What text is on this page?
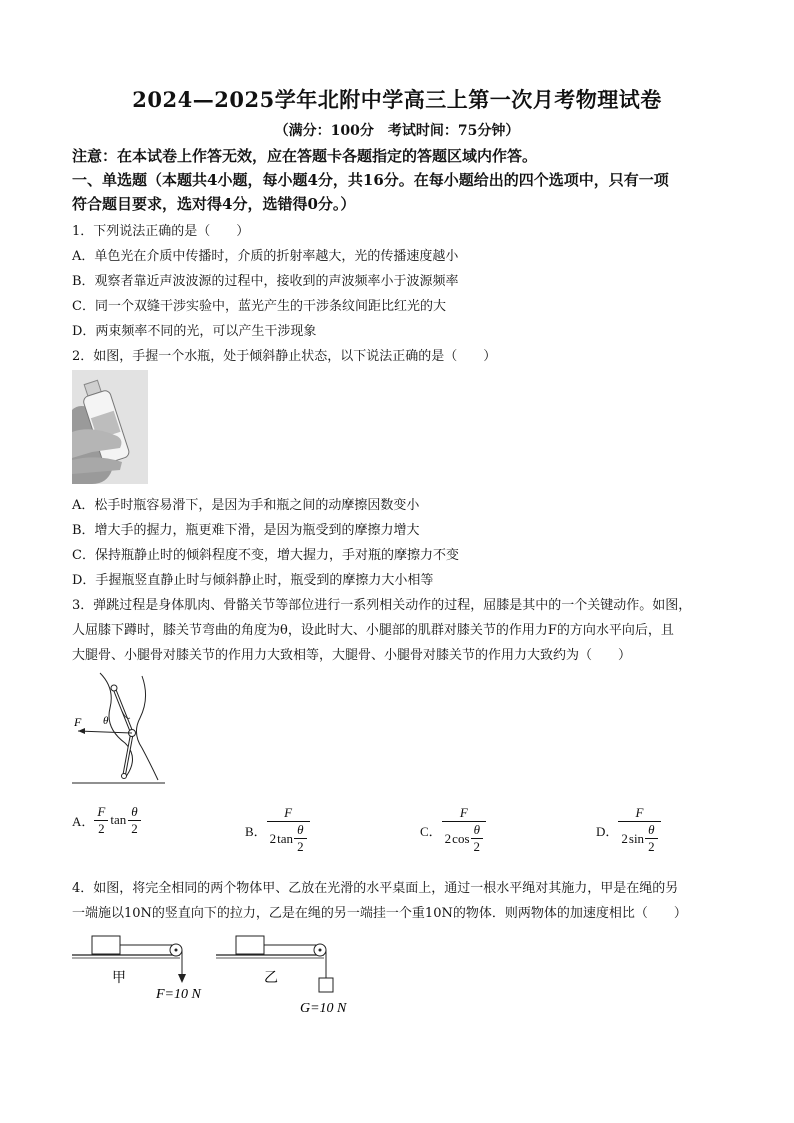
2024—2025学年北附中学高三上第一次月考物理试卷
（满分：100分　考试时间：75分钟）
注意：在本试卷上作答无效，应在答题卡各题指定的答题区域内作答。
一、单选题（本题共4小题，每小题4分，共16分。在每小题给出的四个选项中，只有一项
符合题目要求，选对得4分，选错得0分。）
1．下列说法正确的是（　　）
A．单色光在介质中传播时，介质的折射率越大，光的传播速度越小
B．观察者靠近声波波源的过程中，接收到的声波频率小于波源频率
C．同一个双缝干涉实验中，蓝光产生的干涉条纹间距比红光的大
D．两束频率不同的光，可以产生干涉现象
2．如图，手握一个水瓶，处于倾斜静止状态，以下说法正确的是（　　）
A．松手时瓶容易滑下，是因为手和瓶之间的动摩擦因数变小
B．增大手的握力，瓶更难下滑，是因为瓶受到的摩擦力增大
C．保持瓶静止时的倾斜程度不变，增大握力，手对瓶的摩擦力不变
D．手握瓶竖直静止时与倾斜静止时，瓶受到的摩擦力大小相等
3．弹跳过程是身体肌肉、骨骼关节等部位进行一系列相关动作的过程，屈膝是其中的一个关键动作。如图，
人屈膝下蹲时，膝关节弯曲的角度为θ，设此时大、小腿部的肌群对膝关节的作用力F的方向水平向后，且
大腿骨、小腿骨对膝关节的作用力大致相等，大腿骨、小腿骨对膝关节的作用力大致约为（　　）
F θ
A． $\frac{F}{2}$ $\tan \frac{\theta}{2}$	B． $\frac{F}{2 \tan \frac{\theta}{2}}$	C． $\frac{F}{2 \cos \frac{\theta}{2}}$	D． $\frac{F}{2 \sin \frac{\theta}{2}}$
4．如图，将完全相同的两个物体甲、乙放在光滑的水平桌面上，通过一根水平绳对其施力，甲是在绳的另
一端施以10N的竖直向下的拉力，乙是在绳的另一端挂一个重10N的物体．则两物体的加速度相比（　　）
甲
F=10 N
乙
G=10 N
